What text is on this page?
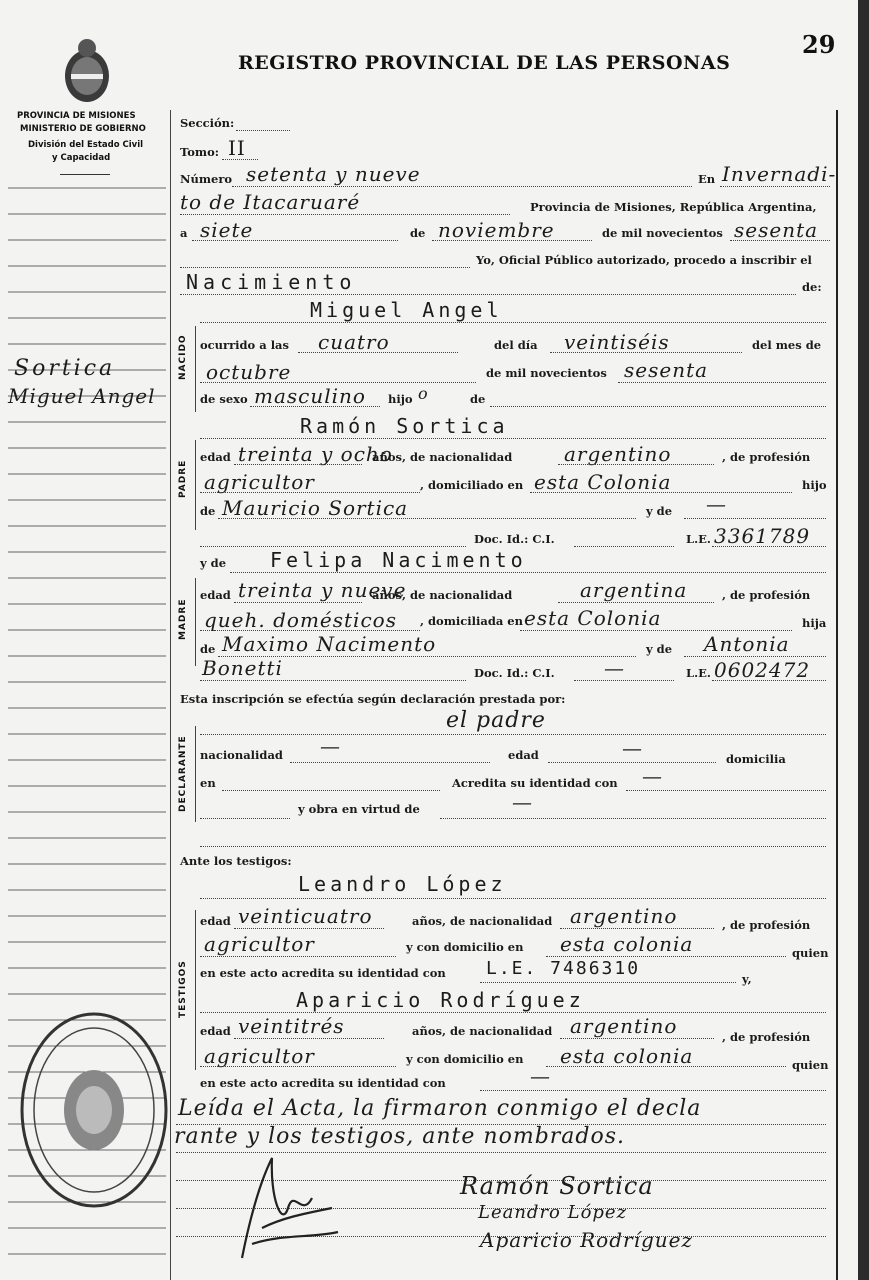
29
REGISTRO PROVINCIAL DE LAS PERSONAS
PROVINCIA DE MISIONES
MINISTERIO DE GOBIERNO
División del Estado Civil
y Capacidad
Sortica
Miguel Angel
Sección:
Tomo: II
Número setenta y nueve	En Invernadi-
to de Itacaruaré	Provincia de Misiones, República Argentina,
a siete	de noviembre	de mil novecientos sesenta
Yo, Oficial Público autorizado, procedo a inscribir el
Nacimiento	de:
NACIDO
PADRE
MADRE
DECLARANTE
TESTIGOS
Miguel Angel
ocurrido a las cuatro	del día veintiséis	del mes de
octubre	de mil novecientos sesenta
de sexo masculino hijo o	de
Ramón Sortica
edad treinta y ocho
años, de nacionalidad	argentino	, de profesión
agricultor	, domiciliado en esta Colonia	hijo
de Mauricio Sortica	y de —
Doc. Id.: C.I.	L.E. 3361789
y de Felipa Nacimento
edad treinta y nueve
años, de nacionalidad	argentina	, de profesión
queh. domésticos , domiciliada en esta Colonia	hija
de Maximo Nacimento	y de Antonia
Bonetti	Doc. Id.: C.I. —	L.E. 0602472
Esta inscripción se efectúa según declaración prestada por:
el padre
nacionalidad —	edad	—	domicilia
en	Acredita su identidad con —
y obra en virtud de	—
Ante los testigos:
Leandro López
edad veinticuatro	años, de nacionalidad argentino	, de profesión
agricultor	y con domicilio en esta colonia	quien
en este acto acredita su identidad con L.E. 7486310	y,
Aparicio Rodríguez
edad veintitrés	años, de nacionalidad argentino	, de profesión
agricultor	y con domicilio en esta colonia	quien
en este acto acredita su identidad con	—
Leída el Acta, la firmaron conmigo el decla
rante y los testigos, ante nombrados.
Ramón Sortica
Leandro López
Aparicio Rodríguez
